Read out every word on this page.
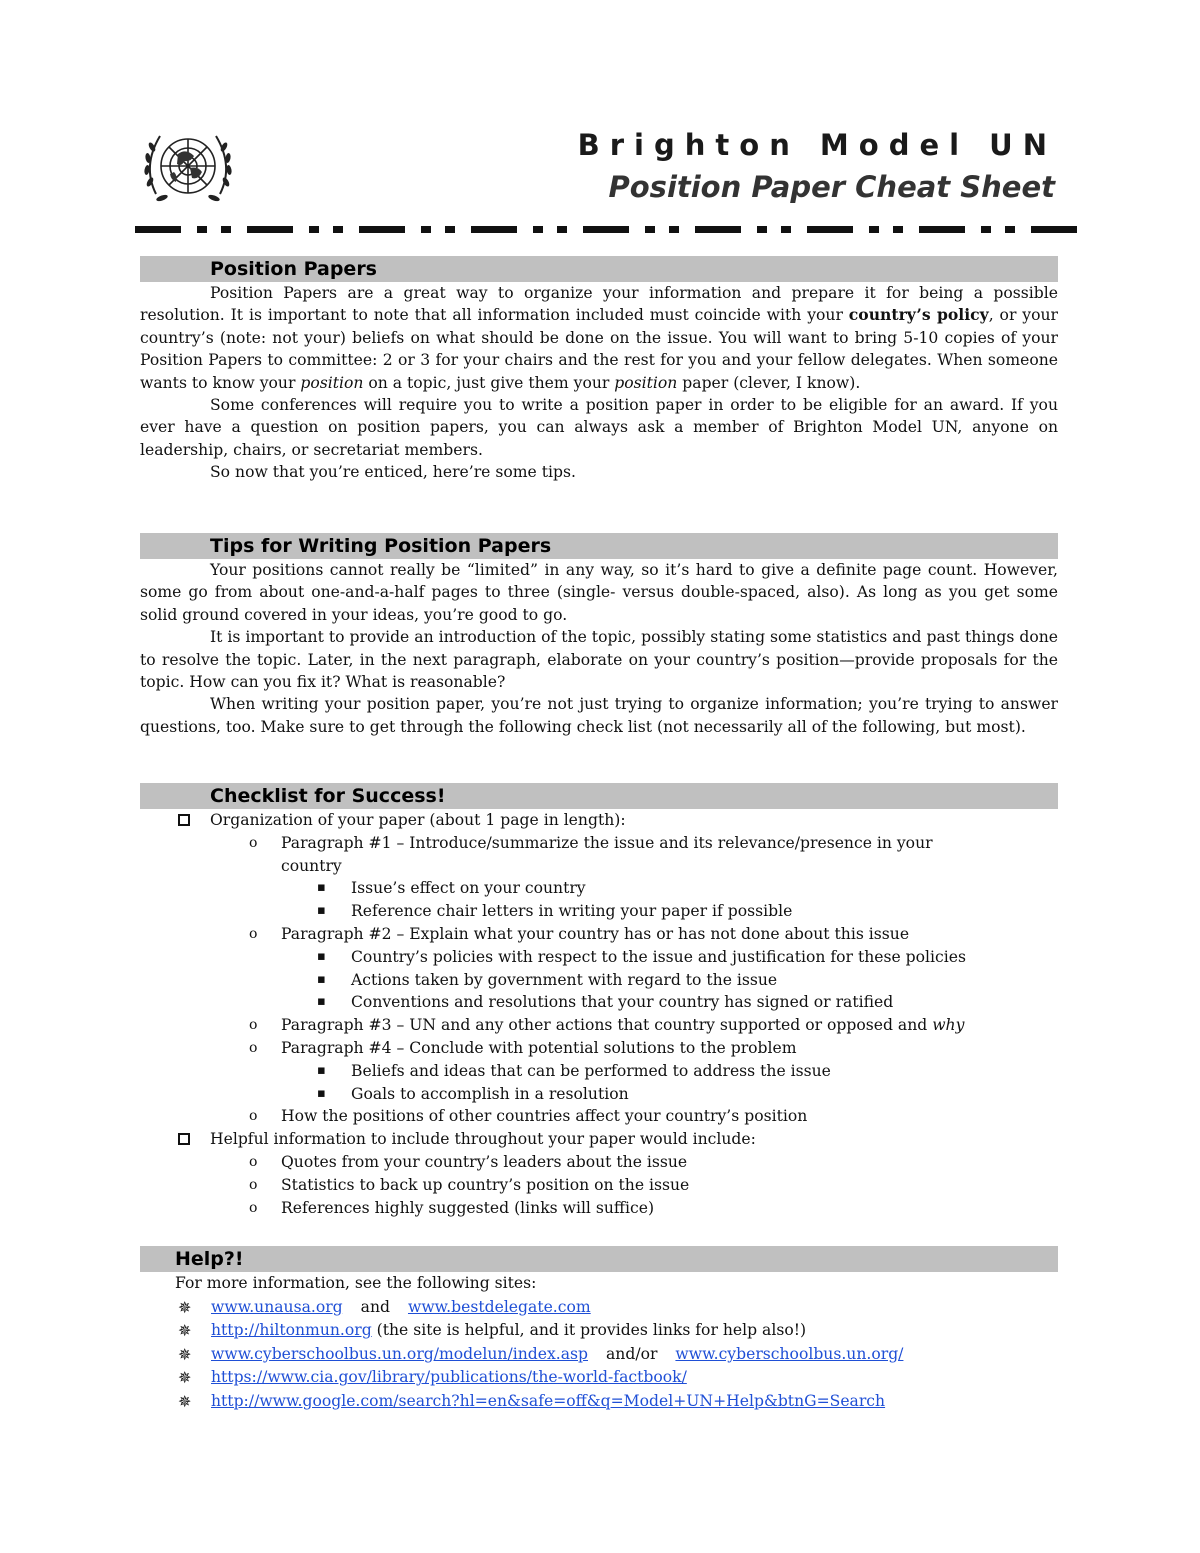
Brighton Model UN
Position Paper Cheat Sheet
Position Papers

Position Papers are a great way to organize your information and prepare it for being a possible resolution. It is important to note that all information included must coincide with your country’s policy, or your country’s (note: not your) beliefs on what should be done on the issue. You will want to bring 5-10 copies of your Position Papers to committee: 2 or 3 for your chairs and the rest for you and your fellow delegates. When someone wants to know your position on a topic, just give them your position paper (clever, I know).

Some conferences will require you to write a position paper in order to be eligible for an award. If you ever have a question on position papers, you can always ask a member of Brighton Model UN, anyone on leadership, chairs, or secretariat members.

So now that you’re enticed, here’re some tips.

Tips for Writing Position Papers

Your positions cannot really be “limited” in any way, so it’s hard to give a definite page count. However, some go from about one-and-a-half pages to three (single- versus double-spaced, also). As long as you get some solid ground covered in your ideas, you’re good to go.

It is important to provide an introduction of the topic, possibly stating some statistics and past things done to resolve the topic. Later, in the next paragraph, elaborate on your country’s position—provide proposals for the topic. How can you fix it? What is reasonable?

When writing your position paper, you’re not just trying to organize information; you’re trying to answer questions, too. Make sure to get through the following check list (not necessarily all of the following, but most).

Checklist for Success!
Organization of your paper (about 1 page in length):
o Paragraph #1 – Introduce/summarize the issue and its relevance/presence in your country
▪ Issue’s effect on your country
▪ Reference chair letters in writing your paper if possible
o Paragraph #2 – Explain what your country has or has not done about this issue
▪ Country’s policies with respect to the issue and justification for these policies
▪ Actions taken by government with regard to the issue
▪ Conventions and resolutions that your country has signed or ratified
o Paragraph #3 – UN and any other actions that country supported or opposed and why
o Paragraph #4 – Conclude with potential solutions to the problem
▪ Beliefs and ideas that can be performed to address the issue
▪ Goals to accomplish in a resolution
o How the positions of other countries affect your country’s position
Helpful information to include throughout your paper would include:
o Quotes from your country’s leaders about the issue
o Statistics to back up country’s position on the issue
o References highly suggested (links will suffice)
Help?!
For more information, see the following sites:
✵ www.unausa.org and www.bestdelegate.com
✵ http://hiltonmun.org (the site is helpful, and it provides links for help also!)
✵ www.cyberschoolbus.un.org/modelun/index.asp and/or www.cyberschoolbus.un.org/
✵ https://www.cia.gov/library/publications/the-world-factbook/
✵ http://www.google.com/search?hl=en&safe=off&q=Model+UN+Help&btnG=Search
